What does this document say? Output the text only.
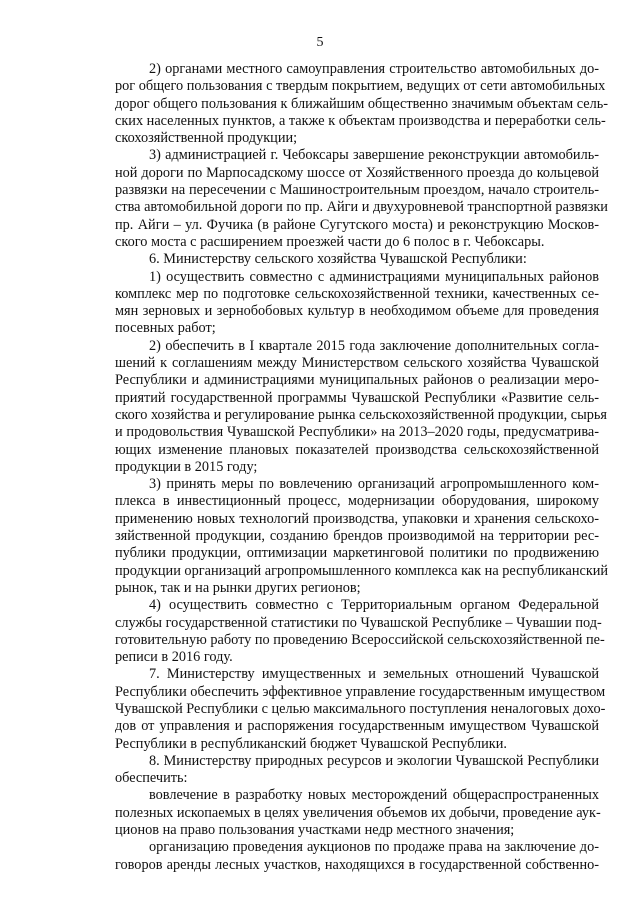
5
2) органами местного самоуправления строительство автомобильных до-
рог общего пользования с твердым покрытием, ведущих от сети автомобильных
дорог общего пользования к ближайшим общественно значимым объектам сель-
ских населенных пунктов, а также к объектам производства и переработки сель-
скохозяйственной продукции;
3) администрацией г. Чебоксары завершение реконструкции автомобиль-
ной дороги по Марпосадскому шоссе от Хозяйственного проезда до кольцевой
развязки на пересечении с Машиностроительным проездом, начало строитель-
ства автомобильной дороги по пр. Айги и двухуровневой транспортной развязки
пр. Айги – ул. Фучика (в районе Сугутского моста) и реконструкцию Москов-
ского моста с расширением проезжей части до 6 полос в г. Чебоксары.
6. Министерству сельского хозяйства Чувашской Республики:
1) осуществить совместно с администрациями муниципальных районов
комплекс мер по подготовке сельскохозяйственной техники, качественных се-
мян зерновых и зернобобовых культур в необходимом объеме для проведения
посевных работ;
2) обеспечить в I квартале 2015 года заключение дополнительных согла-
шений к соглашениям между Министерством сельского хозяйства Чувашской
Республики и администрациями муниципальных районов о реализации меро-
приятий государственной программы Чувашской Республики «Развитие сель-
ского хозяйства и регулирование рынка сельскохозяйственной продукции, сырья
и продовольствия Чувашской Республики» на 2013–2020 годы, предусматрива-
ющих изменение плановых показателей производства сельскохозяйственной
продукции в 2015 году;
3) принять меры по вовлечению организаций агропромышленного ком-
плекса в инвестиционный процесс, модернизации оборудования, широкому
применению новых технологий производства, упаковки и хранения сельскохо-
зяйственной продукции, созданию брендов производимой на территории рес-
публики продукции, оптимизации маркетинговой политики по продвижению
продукции организаций агропромышленного комплекса как на республиканский
рынок, так и на рынки других регионов;
4) осуществить совместно с Территориальным органом Федеральной
службы государственной статистики по Чувашской Республике – Чувашии под-
готовительную работу по проведению Всероссийской сельскохозяйственной пе-
реписи в 2016 году.
7. Министерству имущественных и земельных отношений Чувашской
Республики обеспечить эффективное управление государственным имуществом
Чувашской Республики с целью максимального поступления неналоговых дохо-
дов от управления и распоряжения государственным имуществом Чувашской
Республики в республиканский бюджет Чувашской Республики.
8. Министерству природных ресурсов и экологии Чувашской Республики
обеспечить:
вовлечение в разработку новых месторождений общераспространенных
полезных ископаемых в целях увеличения объемов их добычи, проведение аук-
ционов на право пользования участками недр местного значения;
организацию проведения аукционов по продаже права на заключение до-
говоров аренды лесных участков, находящихся в государственной собственно-
